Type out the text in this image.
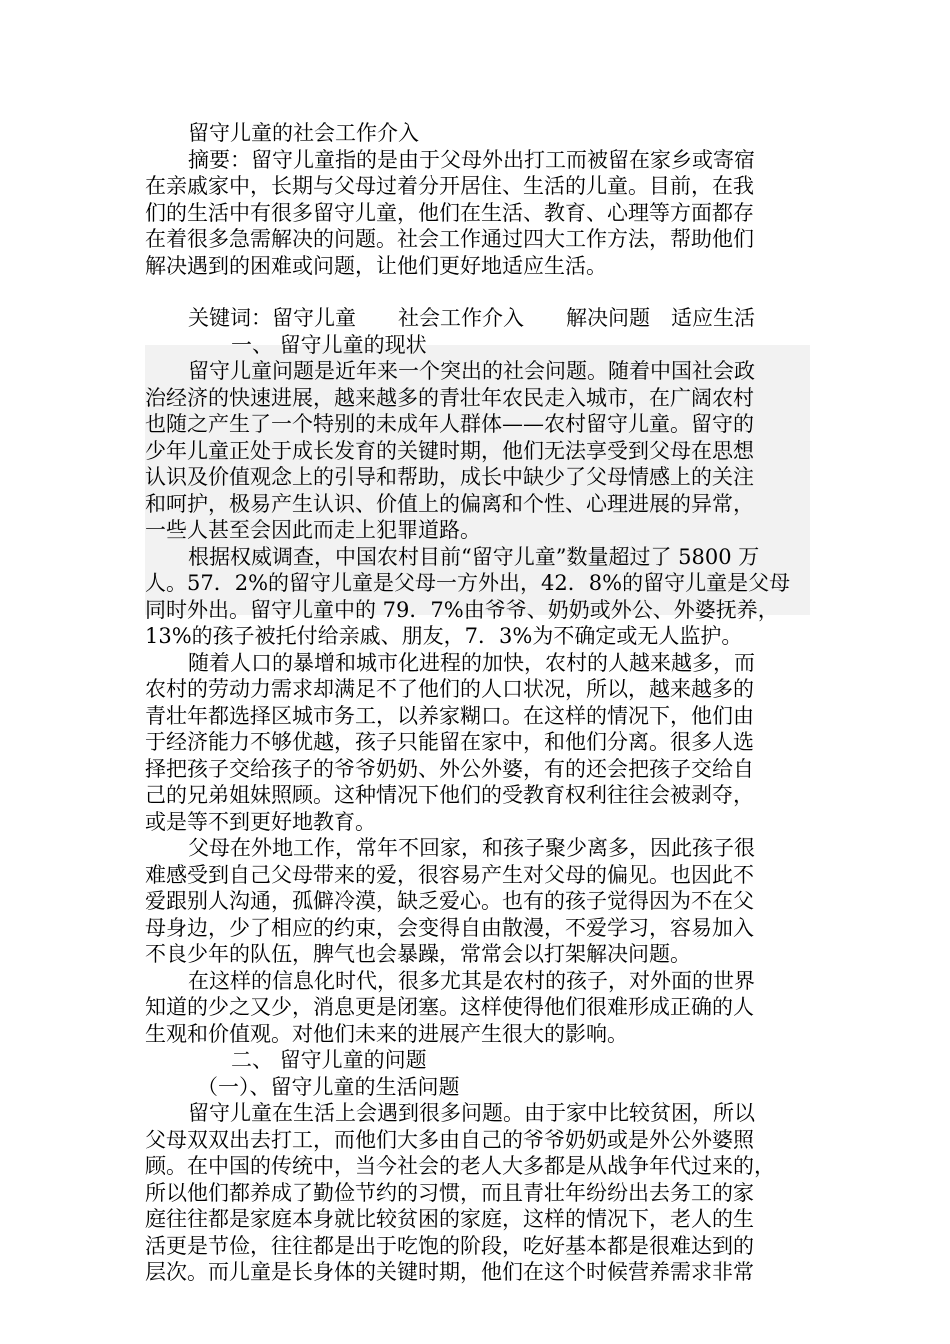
留守儿童的社会工作介入
摘要：留守儿童指的是由于父母外出打工而被留在家乡或寄宿
在亲戚家中，长期与父母过着分开居住、生活的儿童。目前，在我
们的生活中有很多留守儿童，他们在生活、教育、心理等方面都存
在着很多急需解决的问题。社会工作通过四大工作方法，帮助他们
解决遇到的困难或问题，让他们更好地适应生活。
关键词：留守儿童　　社会工作介入　　解决问题　适应生活
一、 留守儿童的现状
留守儿童问题是近年来一个突出的社会问题。随着中国社会政
治经济的快速进展，越来越多的青壮年农民走入城市，在广阔农村
也随之产生了一个特别的未成年人群体——农村留守儿童。留守的
少年儿童正处于成长发育的关键时期，他们无法享受到父母在思想
认识及价值观念上的引导和帮助，成长中缺少了父母情感上的关注
和呵护，极易产生认识、价值上的偏离和个性、心理进展的异常，
一些人甚至会因此而走上犯罪道路。
根据权威调查，中国农村目前“留守儿童”数量超过了 5800 万
人。57．2%的留守儿童是父母一方外出，42．8%的留守儿童是父母
同时外出。留守儿童中的 79．7%由爷爷、奶奶或外公、外婆抚养，
13%的孩子被托付给亲戚、朋友，7．3%为不确定或无人监护。
随着人口的暴增和城市化进程的加快，农村的人越来越多，而
农村的劳动力需求却满足不了他们的人口状况，所以，越来越多的
青壮年都选择区城市务工，以养家糊口。在这样的情况下，他们由
于经济能力不够优越，孩子只能留在家中，和他们分离。很多人选
择把孩子交给孩子的爷爷奶奶、外公外婆，有的还会把孩子交给自
己的兄弟姐妹照顾。这种情况下他们的受教育权利往往会被剥夺，
或是等不到更好地教育。
父母在外地工作，常年不回家，和孩子聚少离多，因此孩子很
难感受到自己父母带来的爱，很容易产生对父母的偏见。也因此不
爱跟别人沟通，孤僻冷漠，缺乏爱心。也有的孩子觉得因为不在父
母身边，少了相应的约束，会变得自由散漫，不爱学习，容易加入
不良少年的队伍，脾气也会暴躁，常常会以打架解决问题。
在这样的信息化时代，很多尤其是农村的孩子，对外面的世界
知道的少之又少，消息更是闭塞。这样使得他们很难形成正确的人
生观和价值观。对他们未来的进展产生很大的影响。
二、 留守儿童的问题
（一）、留守儿童的生活问题
留守儿童在生活上会遇到很多问题。由于家中比较贫困，所以
父母双双出去打工，而他们大多由自己的爷爷奶奶或是外公外婆照
顾。在中国的传统中，当今社会的老人大多都是从战争年代过来的，
所以他们都养成了勤俭节约的习惯，而且青壮年纷纷出去务工的家
庭往往都是家庭本身就比较贫困的家庭，这样的情况下，老人的生
活更是节俭，往往都是出于吃饱的阶段，吃好基本都是很难达到的
层次。而儿童是长身体的关键时期，他们在这个时候营养需求非常
